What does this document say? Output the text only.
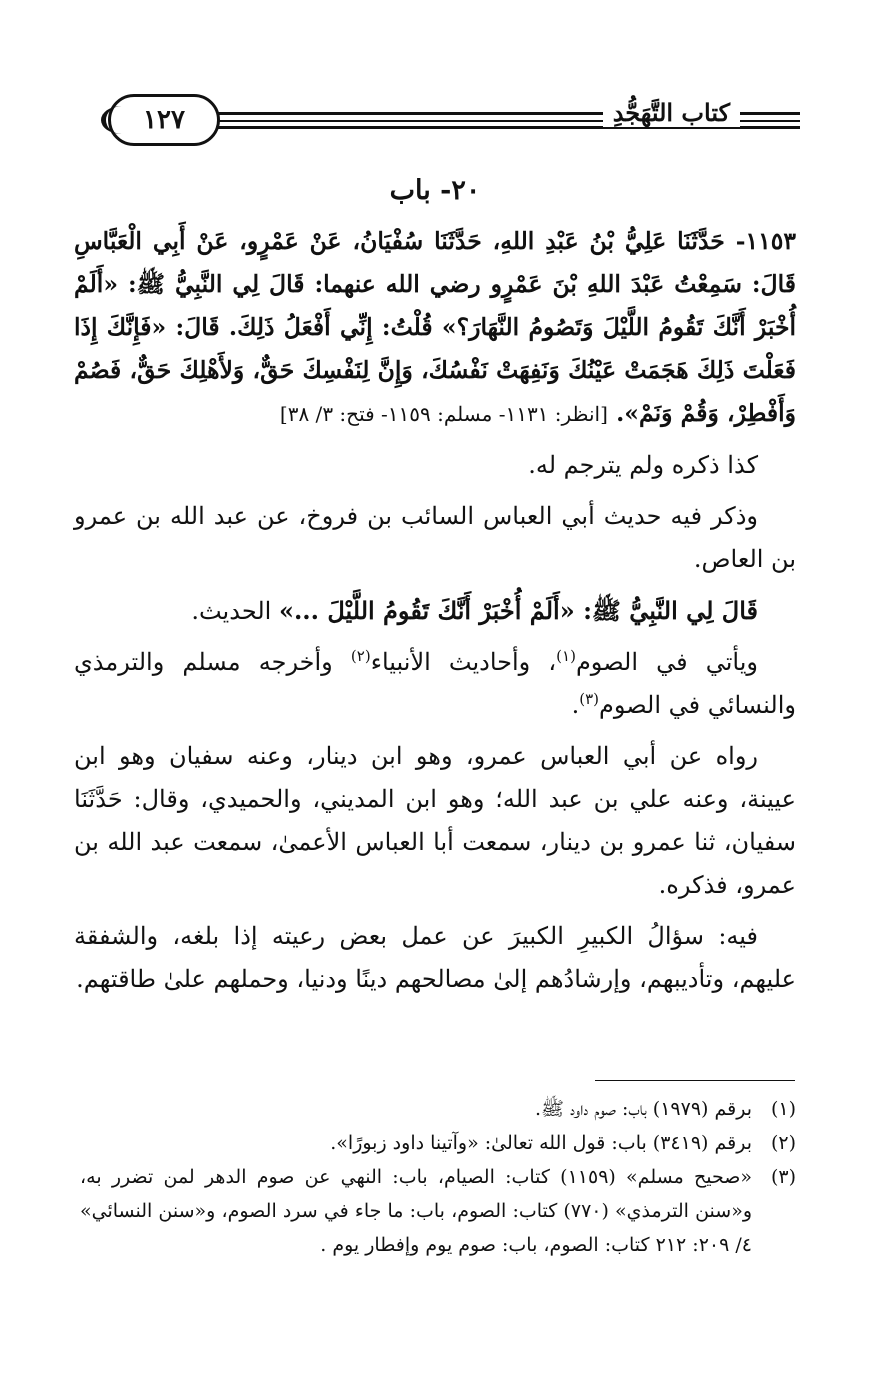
كتاب التَّهَجُّدِ
١٢٧
٢٠- باب

١١٥٣- حَدَّثَنَا عَلِيُّ بْنُ عَبْدِ اللهِ، حَدَّثَنَا سُفْيَانُ، عَنْ عَمْرٍو، عَنْ أَبِي الْعَبَّاسِ قَالَ: سَمِعْتُ عَبْدَ اللهِ بْنَ عَمْرٍو رضي الله عنهما: قَالَ لِي النَّبِيُّ ﷺ: «أَلَمْ أُخْبَرْ أَنَّكَ تَقُومُ اللَّيْلَ وَتَصُومُ النَّهَارَ؟» قُلْتُ: إِنِّي أَفْعَلُ ذَلِكَ. قَالَ: «فَإِنَّكَ إِذَا فَعَلْتَ ذَلِكَ هَجَمَتْ عَيْنُكَ وَنَفِهَتْ نَفْسُكَ، وَإِنَّ لِنَفْسِكَ حَقٌّ، وَلأَهْلِكَ حَقٌّ، فَصُمْ وَأَفْطِرْ، وَقُمْ وَنَمْ». [انظر: ١١٣١- مسلم: ١١٥٩- فتح: ٣/ ٣٨]

كذا ذكره ولم يترجم له.

وذكر فيه حديث أبي العباس السائب بن فروخ، عن عبد الله بن عمرو بن العاص.

قَالَ لِي النَّبِيُّ ﷺ: «أَلَمْ أُخْبَرْ أَنَّكَ تَقُومُ اللَّيْلَ ...» الحديث.

ويأتي في الصوم$^{(١)}$، وأحاديث الأنبياء$^{(٢)}$ وأخرجه مسلم والترمذي والنسائي في الصوم$^{(٣)}$.

رواه عن أبي العباس عمرو، وهو ابن دينار، وعنه سفيان وهو ابن عيينة، وعنه علي بن عبد الله؛ وهو ابن المديني، والحميدي، وقال: حَدَّثَنَا سفيان، ثنا عمرو بن دينار، سمعت أبا العباس الأعمىٰ، سمعت عبد الله بن عمرو، فذكره.

فيه: سؤالُ الكبيرِ الكبيرَ عن عمل بعض رعيته إذا بلغه، والشفقة عليهم، وتأديبهم، وإرشادُهم إلىٰ مصالحهم دينًا ودنيا، وحملهم علىٰ طاقتهم.

(١)
برقم (١٩٧٩) باب: صوم داود ﷺ.
(٢)
برقم (٣٤١٩) باب: قول الله تعالىٰ: «وآتينا داود زبورًا».
(٣)
«صحيح مسلم» (١١٥٩) كتاب: الصيام، باب: النهي عن صوم الدهر لمن تضرر به، و«سنن الترمذي» (٧٧٠) كتاب: الصوم، باب: ما جاء في سرد الصوم، و«سنن النسائي» ٤/ ٢٠٩: ٢١٢ كتاب: الصوم، باب: صوم يوم وإفطار يوم .
